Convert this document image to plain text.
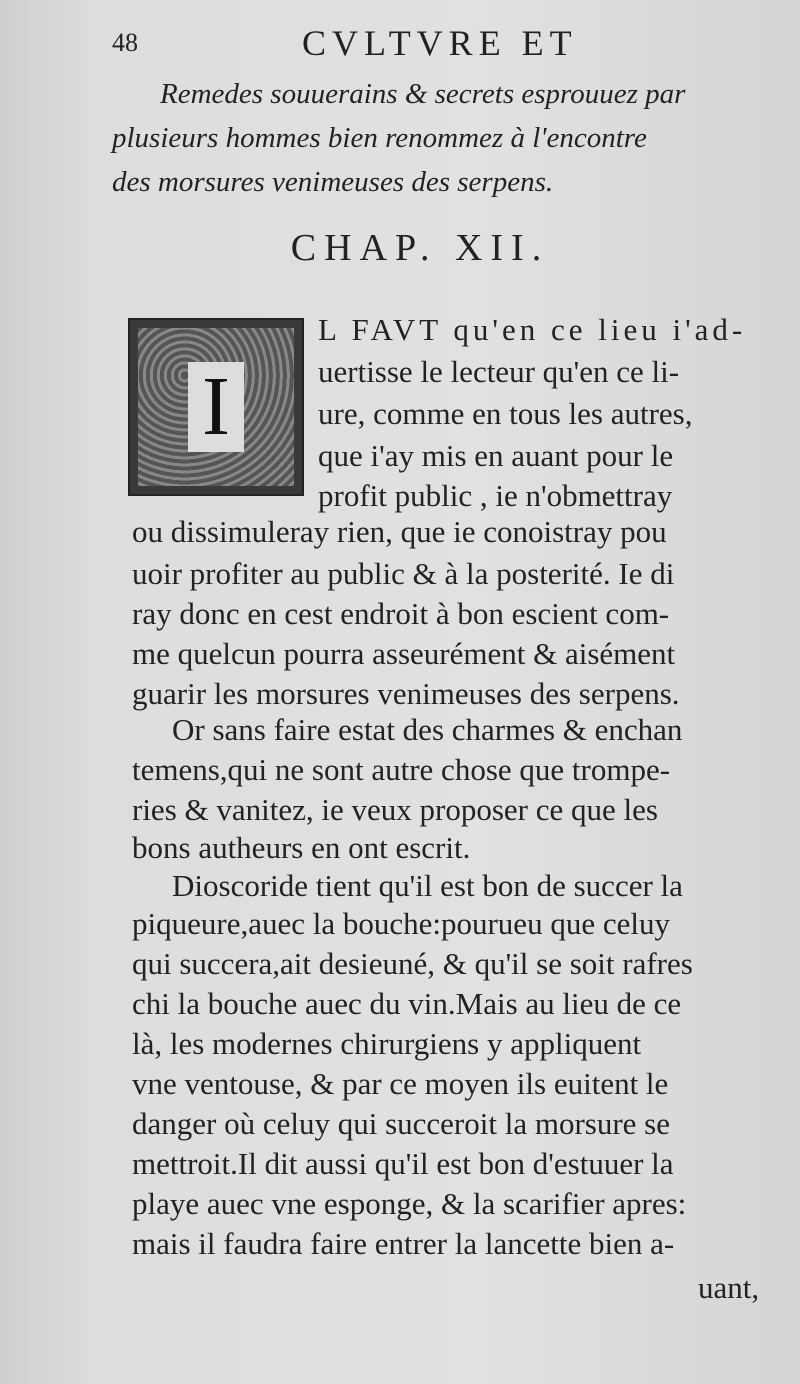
48	CVLTVRE ET
Remedes souuerains & secrets esprouuez par
plusieurs hommes bien renommez à l'encontre
des morsures venimeuses des serpens.
CHAP. XII.
I
L FAVT qu'en ce lieu i'ad-
uertisse le lecteur qu'en ce li-
ure, comme en tous les autres,
que i'ay mis en auant pour le
profit public , ie n'obmettray
ou dissimuleray rien, que ie conoistray pou
uoir profiter au public & à la posterité. Ie di
ray donc en cest endroit à bon escient com-
me quelcun pourra asseurément & aisément
guarir les morsures venimeuses des serpens.
Or sans faire estat des charmes & enchan
temens,qui ne sont autre chose que trompe-
ries & vanitez, ie veux proposer ce que les
bons autheurs en ont escrit.
Dioscoride tient qu'il est bon de succer la
piqueure,auec la bouche:pourueu que celuy
qui succera,ait desieuné, & qu'il se soit rafres
chi la bouche auec du vin.Mais au lieu de ce
là, les modernes chirurgiens y appliquent
vne ventouse, & par ce moyen ils euitent le
danger où celuy qui succeroit la morsure se
mettroit.Il dit aussi qu'il est bon d'estuuer la
playe auec vne esponge, & la scarifier apres:
mais il faudra faire entrer la lancette bien a-
uant,
